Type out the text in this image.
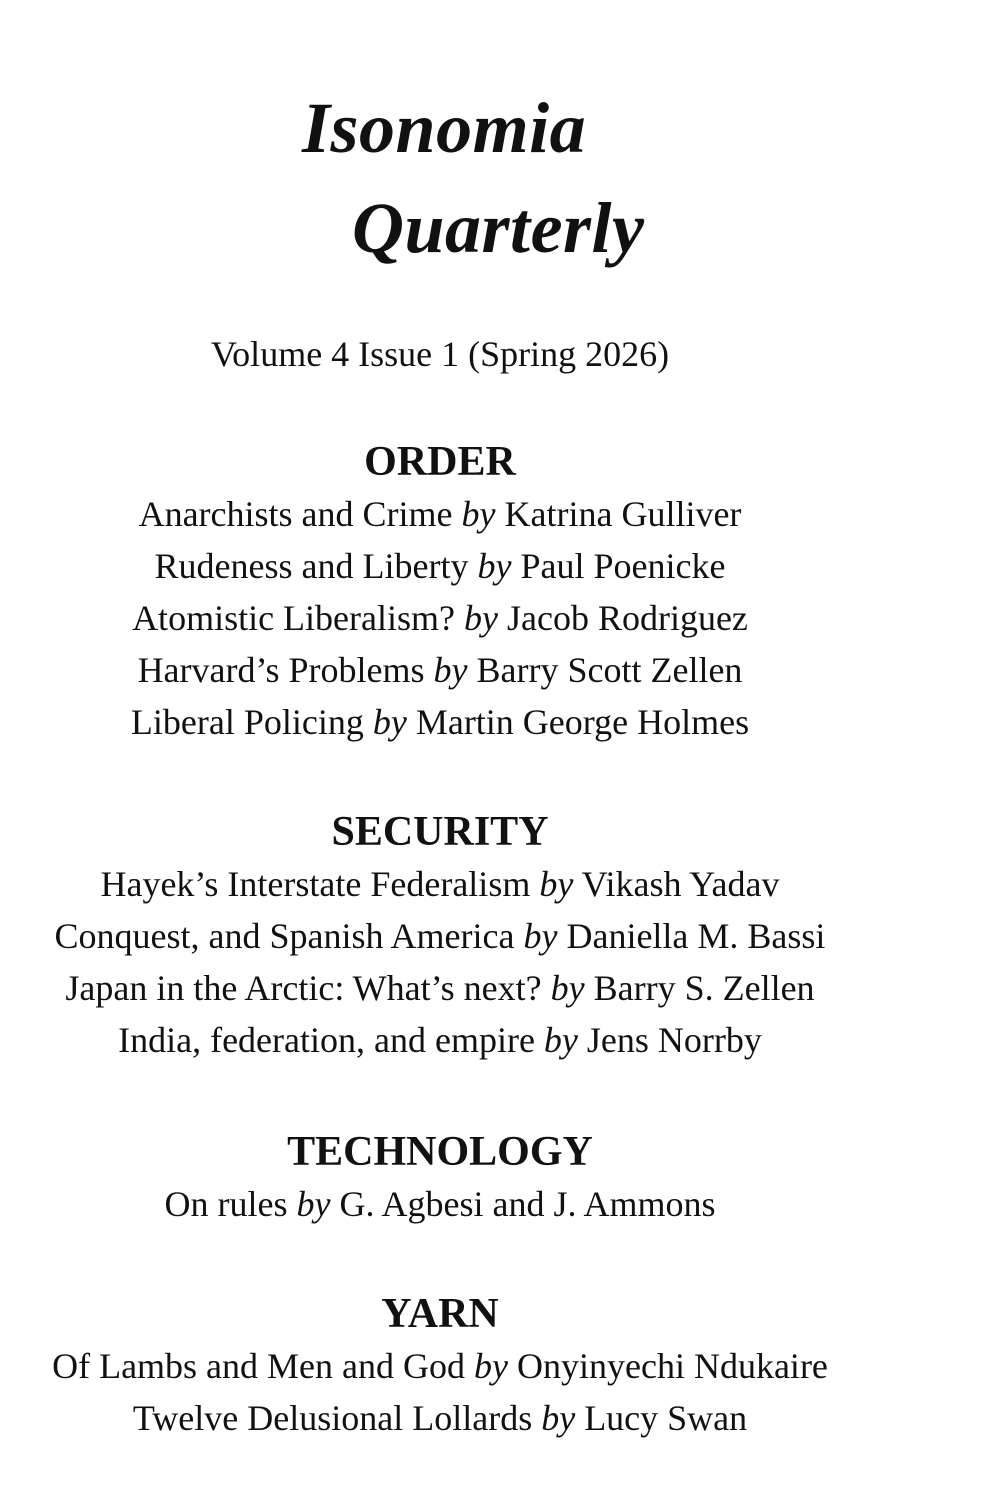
Isonomia
Quarterly
Volume 4 Issue 1 (Spring 2026)
ORDER
Anarchists and Crime by Katrina Gulliver
Rudeness and Liberty by Paul Poenicke
Atomistic Liberalism? by Jacob Rodriguez
Harvard’s Problems by Barry Scott Zellen
Liberal Policing by Martin George Holmes
SECURITY
Hayek’s Interstate Federalism by Vikash Yadav
Conquest, and Spanish America by Daniella M. Bassi
Japan in the Arctic: What’s next? by Barry S. Zellen
India, federation, and empire by Jens Norrby
TECHNOLOGY
On rules by G. Agbesi and J. Ammons
YARN
Of Lambs and Men and God by Onyinyechi Ndukaire
Twelve Delusional Lollards by Lucy Swan
